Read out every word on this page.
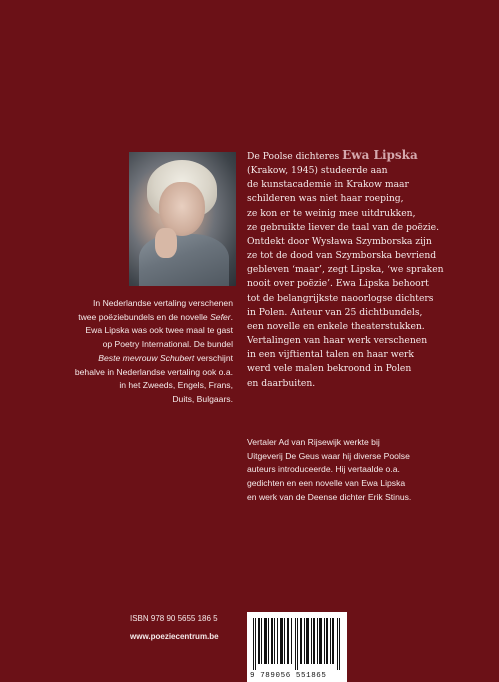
In Nederlandse vertaling verschenen

twee poëziebundels en de novelle Sefer.

Ewa Lipska was ook twee maal te gast

op Poetry International. De bundel

Beste mevrouw Schubert verschijnt

behalve in Nederlandse vertaling ook o.a.

in het Zweeds, Engels, Frans,

Duits, Bulgaars.

De Poolse dichteres Ewa Lipska
(Krakow, 1945) studeerde aan
de kunstacademie in Krakow maar
schilderen was niet haar roeping,
ze kon er te weinig mee uitdrukken,
ze gebruikte liever de taal van de poëzie.
Ontdekt door Wysława Szymborska zijn
ze tot de dood van Szymborska bevriend
gebleven ‘maar’, zegt Lipska, ‘we spraken
nooit over poëzie’. Ewa Lipska behoort
tot de belangrijkste naoorlogse dichters
in Polen. Auteur van 25 dichtbundels,
een novelle en enkele theaterstukken.
Vertalingen van haar werk verschenen
in een vijftiental talen en haar werk
werd vele malen bekroond in Polen
en daarbuiten.
Vertaler Ad van Rijsewijk werkte bij
Uitgeverij De Geus waar hij diverse Poolse
auteurs introduceerde. Hij vertaalde o.a.
gedichten en een novelle van Ewa Lipska
en werk van de Deense dichter Erik Stinus.
ISBN 978 90 5655 186 5
www.poeziecentrum.be
9 789056 551865
